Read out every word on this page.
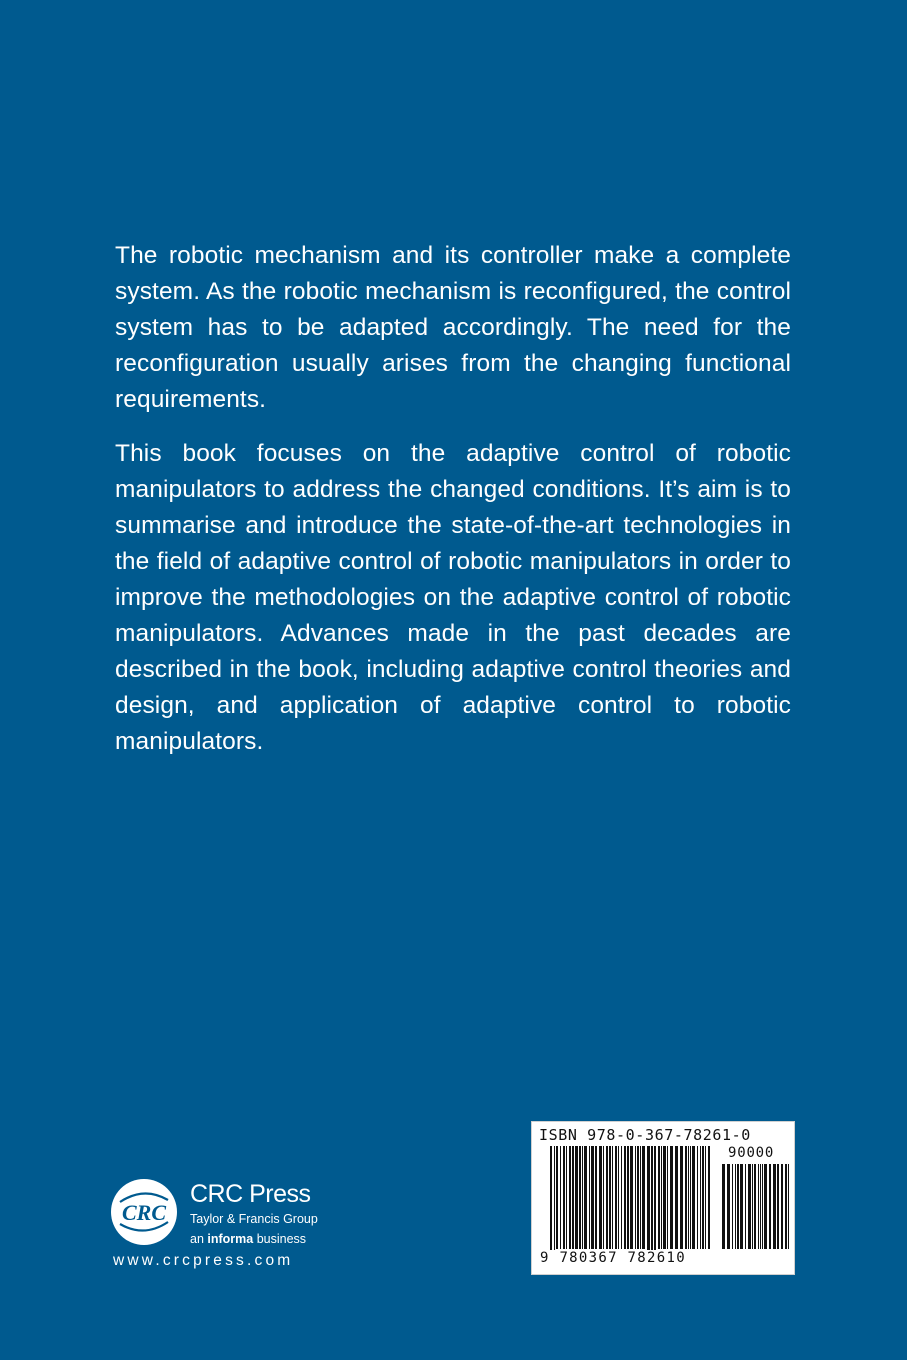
The robotic mechanism and its controller make a complete system. As the robotic mechanism is reconfigured, the control system has to be adapted accordingly. The need for the reconfiguration usually arises from the changing functional requirements.

This book focuses on the adaptive control of robotic manipulators to address the changed conditions. It’s aim is to summarise and introduce the state-of-the-art technologies in the field of adaptive control of robotic manipulators in order to improve the methodologies on the adaptive control of robotic manipulators. Advances made in the past decades are described in the book, including adaptive control theories and design, and application of adaptive control to robotic manipulators.

CRC
CRC Press
Taylor & Francis Group
an informa business
www.crcpress.com
ISBN 978-0-367-78261-0
90000
9 780367 782610
